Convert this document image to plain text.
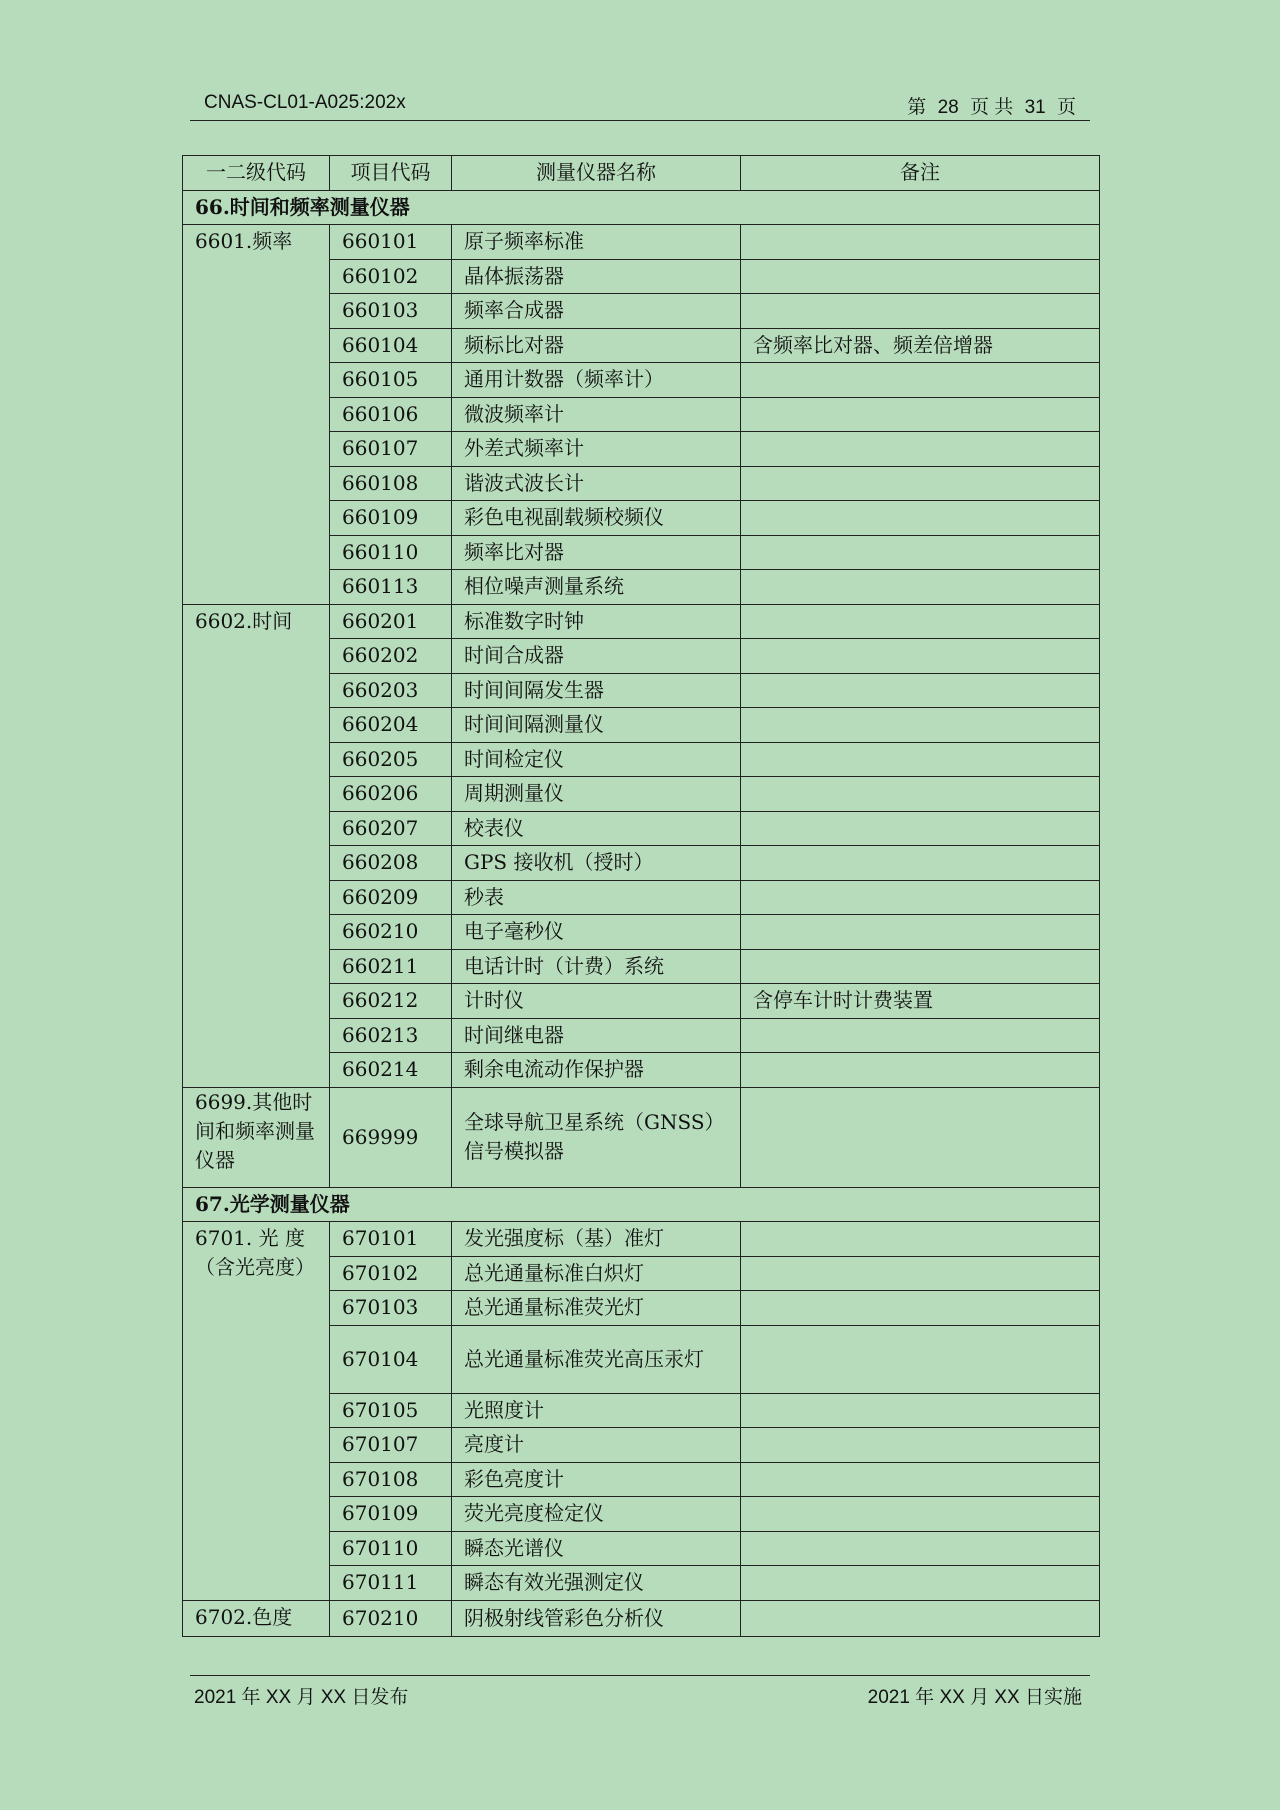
CNAS-CL01-A025:202x	第 28 页 共 31 页
一二级代码	项目代码	测量仪器名称	备注
66.时间和频率测量仪器			
6601.频率	660101	原子频率标准	
	660102	晶体振荡器	
	660103	频率合成器	
	660104	频标比对器	含频率比对器、频差倍增器
	660105	通用计数器（频率计）	
	660106	微波频率计	
	660107	外差式频率计	
	660108	谐波式波长计	
	660109	彩色电视副载频校频仪	
	660110	频率比对器	
	660113	相位噪声测量系统	
6602.时间	660201	标准数字时钟	
	660202	时间合成器	
	660203	时间间隔发生器	
	660204	时间间隔测量仪	
	660205	时间检定仪	
	660206	周期测量仪	
	660207	校表仪	
	660208	GPS 接收机（授时）	
	660209	秒表	
	660210	电子毫秒仪	
	660211	电话计时（计费）系统	
	660212	计时仪	含停车计时计费装置
	660213	时间继电器	
	660214	剩余电流动作保护器	
6699.其他时间和频率测量仪器	669999	全球导航卫星系统（GNSS）信号模拟器	
67.光学测量仪器			
6701. 光 度（含光亮度）	670101	发光强度标（基）准灯	
	670102	总光通量标准白炽灯	
	670103	总光通量标准荧光灯	
	670104	总光通量标准荧光高压汞灯	
	670105	光照度计	
	670107	亮度计	
	670108	彩色亮度计	
	670109	荧光亮度检定仪	
	670110	瞬态光谱仪	
	670111	瞬态有效光强测定仪	
6702.色度	670210	阴极射线管彩色分析仪	
2021 年 XX 月 XX 日发布	2021 年 XX 月 XX 日实施
